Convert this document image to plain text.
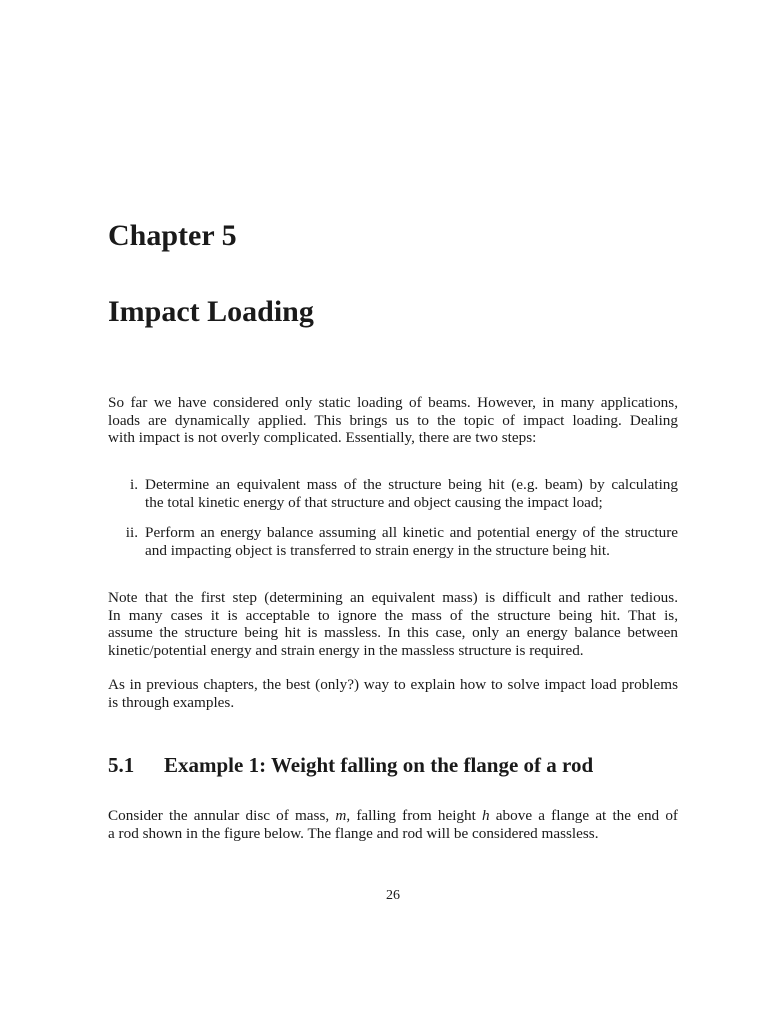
Chapter 5
Impact Loading

So far we have considered only static loading of beams. However, in many applications,
loads are dynamically applied. This brings us to the topic of impact loading. Dealing
with impact is not overly complicated. Essentially, there are two steps:

i. Determine an equivalent mass of the structure being hit (e.g. beam) by calculating
the total kinetic energy of that structure and object causing the impact load;
ii. Perform an energy balance assuming all kinetic and potential energy of the structure
and impacting object is transferred to strain energy in the structure being hit.

Note that the first step (determining an equivalent mass) is difficult and rather tedious.
In many cases it is acceptable to ignore the mass of the structure being hit. That is,
assume the structure being hit is massless. In this case, only an energy balance between
kinetic/potential energy and strain energy in the massless structure is required.

As in previous chapters, the best (only?) way to explain how to solve impact load problems
is through examples.

5.1 Example 1: Weight falling on the flange of a rod

Consider the annular disc of mass, m, falling from height h above a flange at the end of
a rod shown in the figure below. The flange and rod will be considered massless.

26
